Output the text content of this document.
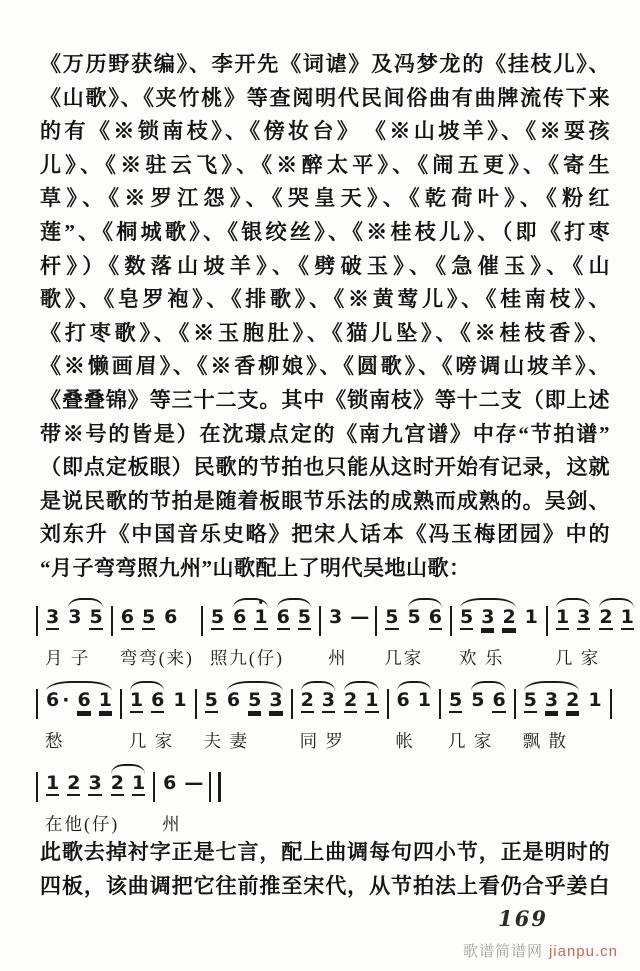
《万历野获编》、李开先《词谑》及冯梦龙的《挂枝儿》、
《山歌》、《夹竹桃》等查阅明代民间俗曲有曲牌流传下来
的有《※锁南枝》、《傍妆台》　《※山坡羊》、《※耍孩
儿》、《※驻云飞》、《※醉太平》、《闹五更》、《寄生
草》、《※罗江怨》、《哭皇天》、《乾荷叶》、《粉红
莲”、《桐城歌》、《银绞丝》、《※桂枝儿》、（即《打枣
杆》）《数落山坡羊》、《劈破玉》、《急催玉》、《山
歌》、《皂罗袍》、《排歌》、《※黄莺儿》、《桂南枝》、
《打枣歌》、《※玉胞肚》、《猫儿坠》、《※桂枝香》、
《※懒画眉》、《※香柳娘》、《圆歌》、《嗙调山坡羊》、
《叠叠锦》等三十二支。其中《锁南枝》等十二支（即上述
带※号的皆是）在沈璟点定的《南九宫谱》中存“节拍谱”
（即点定板眼）民歌的节拍也只能从这时开始有记录，这就
是说民歌的节拍是随着板眼节乐法的成熟而成熟的。吴剑、
刘东升《中国音乐史略》把宋人话本《冯玉梅团园》中的
“月子弯弯照九州”山歌配上了明代吴地山歌：
3 3 5
月 子
6 5 6
弯弯(来)
5 6 1 6 5
照九(仔)
3 —
州
5 5 6
几家
5 3 2 1
欢 乐
1 3 2 1
几 家
6 · 6 1
愁
1 6 1
几 家
5 6 5 3
夫 妻
2 3 2 1
同 罗
6 1
帐
5 5 6
几 家
5 3 2 1
飘 散
1 2 3 2 1
在他(仔)
6 —
州
此歌去掉衬字正是七言，配上曲调每句四小节，正是明时的
四板，该曲调把它往前推至宋代，从节拍法上看仍合乎姜白
169
歌谱简谱网 jianpu.cn
